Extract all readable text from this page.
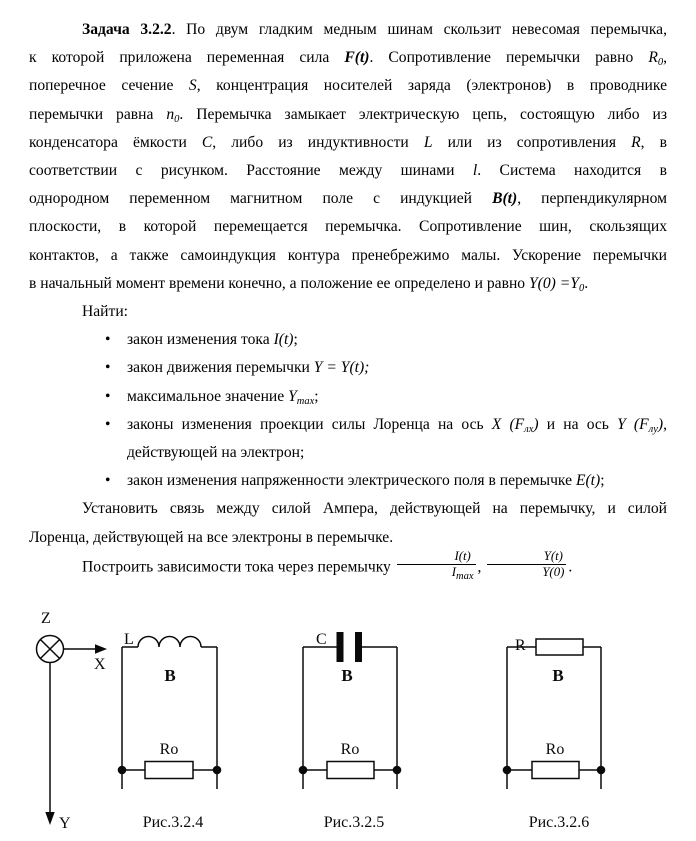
Задача 3.2.2. По двум гладким медным шинам скользит невесомая перемычка,
к которой приложена переменная сила F(t). Сопротивление перемычки равно $R_0$,
поперечное сечение S, концентрация носителей заряда (электронов) в проводнике
перемычки равна $n_0$. Перемычка замыкает электрическую цепь, состоящую либо из
конденсатора ёмкости C, либо из индуктивности L или из сопротивления R, в
соответствии с рисунком. Расстояние между шинами l. Система находится в
однородном переменном магнитном поле с индукцией B(t), перпендикулярном
плоскости, в которой перемещается перемычка. Сопротивление шин, скользящих
контактов, а также самоиндукция контура пренебрежимо малы. Ускорение перемычки
в начальный момент времени конечно, а положение ее определено и равно $Y(0) =Y_0$.
Найти:
• закон изменения тока I(t);
• закон движения перемычки Y = Y(t);
• максимальное значение $Y_{max}$;
• законы изменения проекции силы Лоренца на ось X $(F_{лx})$ и на ось Y $(F_{лy})$,
действующей на электрон;
• закон изменения напряженности электрического поля в перемычке E(t);
Установить связь между силой Ампера, действующей на перемычку, и силой
Лоренца, действующей на все электроны в перемычке.
Построить зависимости тока через перемычку $\frac{I(t)}{I_{max}}$ , $\frac{Y(t)}{Y(0)}$ .
Z
X
Y
L
B
Ro
Рис.3.2.4
C
B
Ro
Рис.3.2.5
R
B
Ro
Рис.3.2.6
